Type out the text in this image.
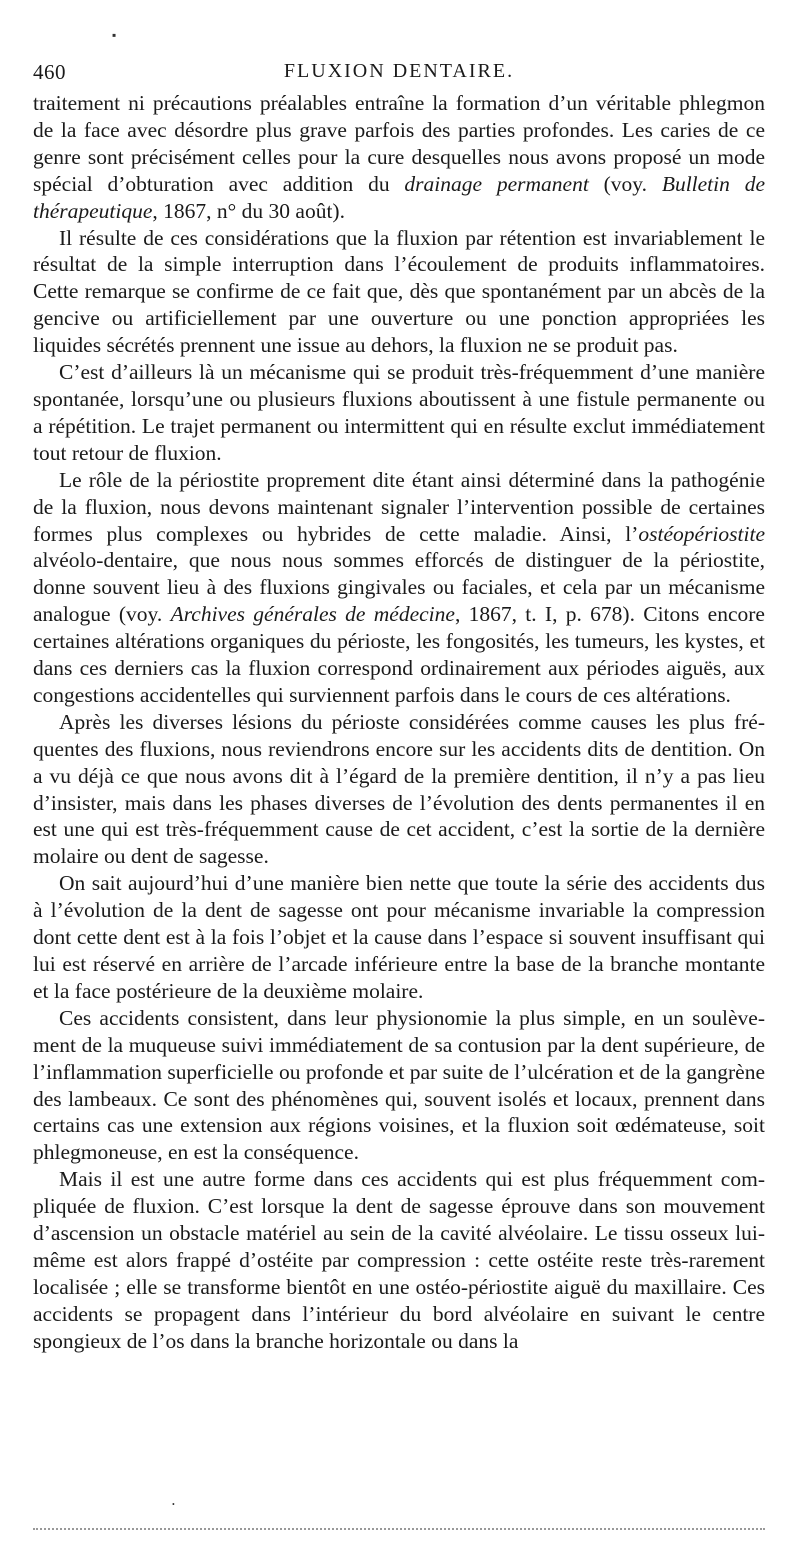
▪
460	FLUXION DENTAIRE.

traitement ni précautions préalables entraîne la formation d’un véritable phlegmon de la face avec désordre plus grave parfois des parties profondes. Les caries de ce genre sont précisément celles pour la cure desquelles nous avons proposé un mode spécial d’obturation avec addition du drainage permanent (voy. Bulletin de thérapeutique, 1867, n° du 30 août).

Il résulte de ces considérations que la fluxion par rétention est invariablement le résultat de la simple interruption dans l’écoulement de produits inflammatoires. Cette remarque se confirme de ce fait que, dès que spontanément par un abcès de la gencive ou artificiellement par une ouverture ou une ponction appropriées les liquides sécrétés prennent une issue au dehors, la fluxion ne se produit pas.

C’est d’ailleurs là un mécanisme qui se produit très-fréquemment d’une manière spontanée, lorsqu’une ou plusieurs fluxions aboutissent à une fistule permanente ou a répétition. Le trajet permanent ou intermittent qui en résulte exclut immédiatement tout retour de fluxion.

Le rôle de la périostite proprement dite étant ainsi déterminé dans la pathogénie de la fluxion, nous devons maintenant signaler l’intervention possible de certaines formes plus complexes ou hybrides de cette maladie. Ainsi, l’ostéopériostite alvéolo-dentaire, que nous nous sommes efforcés de distinguer de la périostite, donne souvent lieu à des fluxions gingivales ou faciales, et cela par un mécanisme analogue (voy. Archives générales de médecine, 1867, t. I, p. 678). Citons encore certaines altérations organiques du périoste, les fongosités, les tumeurs, les kystes, et dans ces derniers cas la fluxion correspond ordinairement aux périodes aiguës, aux congestions accidentelles qui surviennent parfois dans le cours de ces altérations.

Après les diverses lésions du périoste considérées comme causes les plus fréquentes des fluxions, nous reviendrons encore sur les accidents dits de dentition. On a vu déjà ce que nous avons dit à l’égard de la première dentition, il n’y a pas lieu d’insister, mais dans les phases diverses de l’évolution des dents permanentes il en est une qui est très-fréquemment cause de cet accident, c’est la sortie de la dernière molaire ou dent de sagesse.

On sait aujourd’hui d’une manière bien nette que toute la série des accidents dus à l’évolution de la dent de sagesse ont pour mécanisme invariable la compression dont cette dent est à la fois l’objet et la cause dans l’espace si souvent insuffisant qui lui est réservé en arrière de l’arcade inférieure entre la base de la branche montante et la face postérieure de la deuxième molaire.

Ces accidents consistent, dans leur physionomie la plus simple, en un soulèvement de la muqueuse suivi immédiatement de sa contusion par la dent supérieure, de l’inflammation superficielle ou profonde et par suite de l’ulcération et de la gangrène des lambeaux. Ce sont des phénomènes qui, souvent isolés et locaux, prennent dans certains cas une extension aux régions voisines, et la fluxion soit œdémateuse, soit phlegmoneuse, en est la conséquence.

Mais il est une autre forme dans ces accidents qui est plus fréquemment compliquée de fluxion. C’est lorsque la dent de sagesse éprouve dans son mouvement d’ascension un obstacle matériel au sein de la cavité alvéolaire. Le tissu osseux lui-même est alors frappé d’ostéite par compression : cette ostéite reste très-rarement localisée ; elle se transforme bientôt en une ostéo-périostite aiguë du maxillaire. Ces accidents se propagent dans l’intérieur du bord alvéolaire en suivant le centre spongieux de l’os dans la branche horizontale ou dans la

•
